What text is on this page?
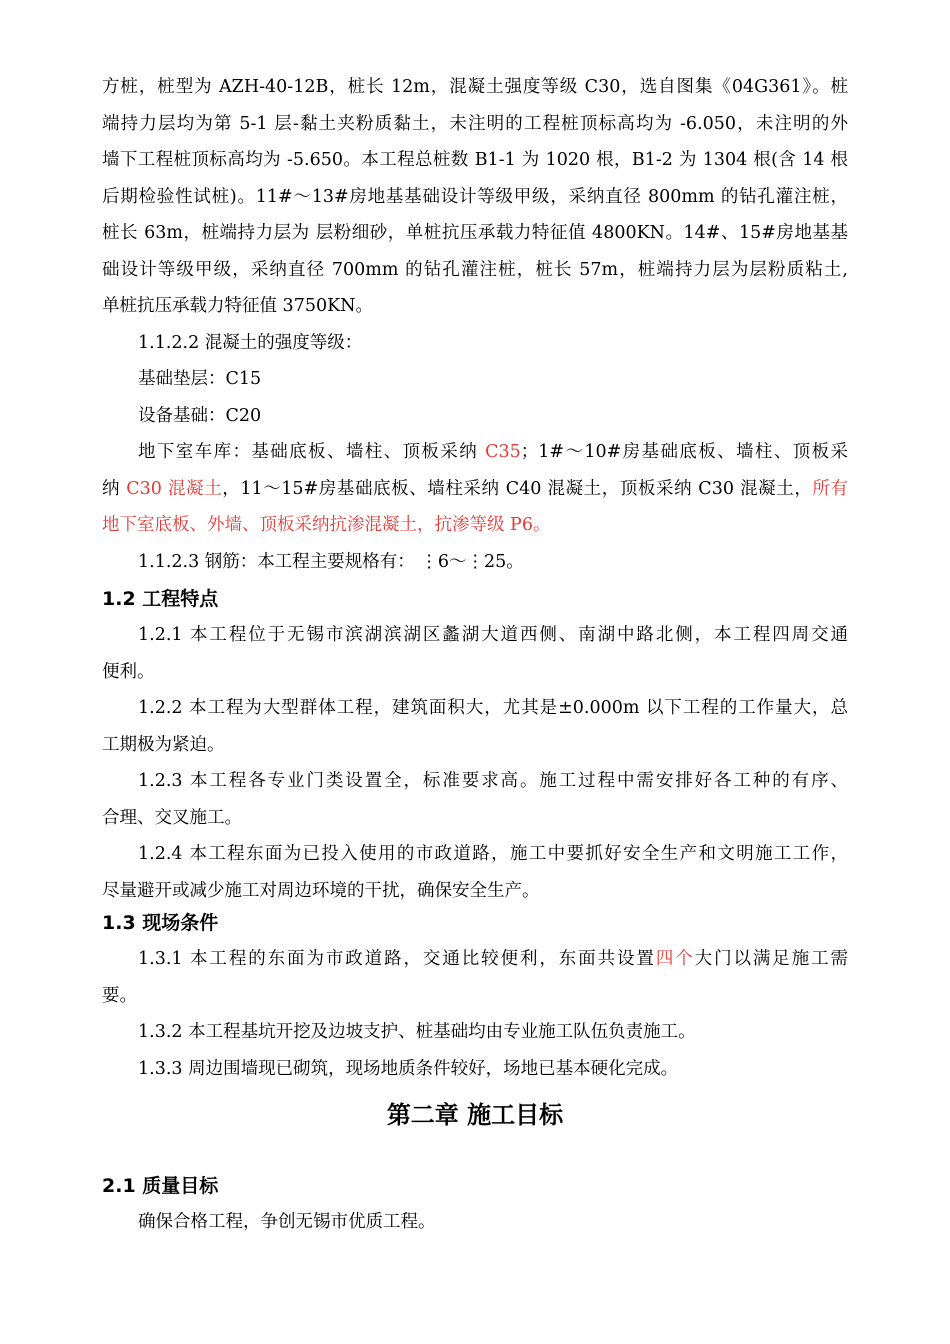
方桩，桩型为 AZH-40-12B，桩长 12m，混凝土强度等级 C30，选自图集《04G361》。桩
端持力层均为第 5-1 层-黏土夹粉质黏土，未注明的工程桩顶标高均为 -6.050，未注明的外
墙下工程桩顶标高均为 -5.650。本工程总桩数 B1-1 为 1020 根，B1-2 为 1304 根(含 14 根
后期检验性试桩)。11#～13#房地基基础设计等级甲级，采纳直径 800mm 的钻孔灌注桩，
桩长 63m，桩端持力层为 层粉细砂，单桩抗压承载力特征值 4800KN。14#、15#房地基基
础设计等级甲级，采纳直径 700mm 的钻孔灌注桩，桩长 57m，桩端持力层为层粉质粘土,
单桩抗压承载力特征值 3750KN。
1.1.2.2 混凝土的强度等级：
基础垫层：C15
设备基础：C20
地下室车库：基础底板、墙柱、顶板采纳 C35；1#～10#房基础底板、墙柱、顶板采
纳 C30 混凝土，11～15#房基础底板、墙柱采纳 C40 混凝土，顶板采纳 C30 混凝土，所有
地下室底板、外墙、顶板采纳抗渗混凝土，抗渗等级 P6。
1.1.2.3 钢筋：本工程主要规格有： ⋮6～⋮25。
1.2 工程特点
1.2.1 本工程位于无锡市滨湖滨湖区蠡湖大道西侧、南湖中路北侧，本工程四周交通
便利。
1.2.2 本工程为大型群体工程，建筑面积大，尤其是±0.000m 以下工程的工作量大，总
工期极为紧迫。
1.2.3 本工程各专业门类设置全，标准要求高。施工过程中需安排好各工种的有序、
合理、交叉施工。
1.2.4 本工程东面为已投入使用的市政道路，施工中要抓好安全生产和文明施工工作，
尽量避开或减少施工对周边环境的干扰，确保安全生产。
1.3 现场条件
1.3.1 本工程的东面为市政道路，交通比较便利，东面共设置四个大门以满足施工需
要。
1.3.2 本工程基坑开挖及边坡支护、桩基础均由专业施工队伍负责施工。
1.3.3 周边围墙现已砌筑，现场地质条件较好，场地已基本硬化完成。
第二章 施工目标
2.1 质量目标
确保合格工程，争创无锡市优质工程。
